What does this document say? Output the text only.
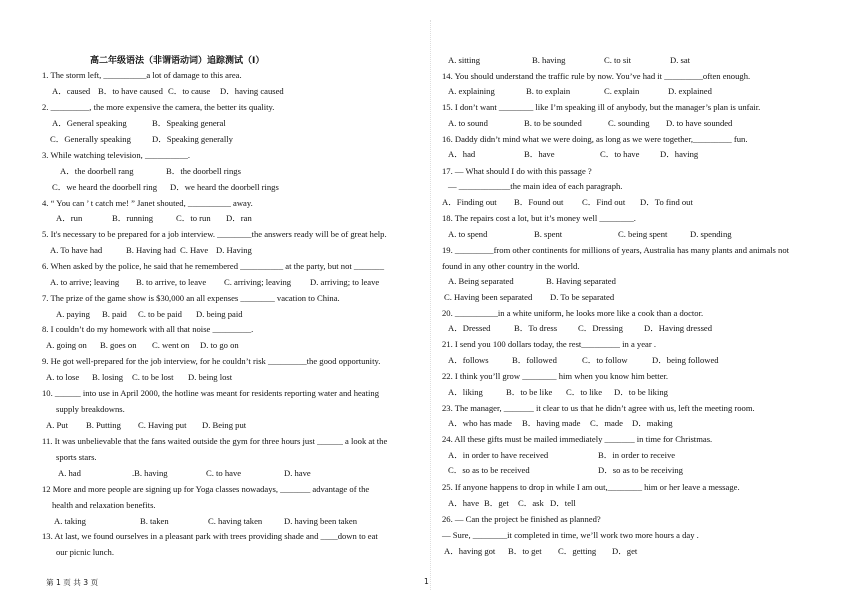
高二年级语法（非谓语动词）追踪测试（I）
1. The storm left, __________a lot of damage to this area.
A．caused B．to have caused C．to cause D．having caused
2. _________, the more expensive the camera, the better its quality.
A．General speaking	B．Speaking general
C．Generally speaking D．Speaking generally
3. While watching television, __________.
A．the doorbell rang	B．the doorbell rings
C．we heard the doorbell ring D．we heard the doorbell rings
4. “ You can ’ t catch me! ” Janet shouted, __________ away.
A．run	B．running	C．to run D．ran
5. It's necessary to be prepared for a job interview. ________the answers ready will be of great help.
A. To have had	B. Having had C. Have D. Having
6. When asked by the police, he said that he remembered __________ at the party, but not _______
A. to arrive; leaving B. to arrive, to leave C. arriving; leaving D. arriving; to leave
7. The prize of the game show is $30,000 an all expenses ________ vacation to China.
A. paying B. paid C. to be paid D. being paid
8. I couldn’t do my homework with all that noise _________.
A. going on B. goes on C. went on D. to go on
9. He got well-prepared for the job interview, for he couldn’t risk _________the good opportunity.
A. to lose B. losing C. to be lost D. being lost
10. ______ into use in April 2000, the hotline was meant for residents reporting water and heating
supply breakdowns.
A. Put B. Putting C. Having put D. Being put
11. It was unbelievable that the fans waited outside the gym for three hours just ______ a look at the
sports stars.
A. had	.B. having	C. to have	D. have
12 More and more people are signing up for Yoga classes nowadays, _______ advantage of the
health and relaxation benefits.
A. taking	B. taken	C. having taken	D. having been taken
13. At last, we found ourselves in a pleasant park with trees providing shade and ____down to eat
our picnic lunch.
第 1 页 共 3 页	1
A. sitting	B. having	C. to sit	D. sat
14. You should understand the traffic rule by now. You’ve had it _________often enough.
A. explaining	B. to explain	C. explain	D. explained
15. I don’t want ________ like I’m speaking ill of anybody, but the manager’s plan is unfair.
A. to sound	B. to be sounded	C. sounding D. to have sounded
16. Daddy didn’t mind what we were doing, as long as we were together,_________ fun.
A．had	B．have	C．to have D．having
17. — What should I do with this passage ?
— ____________the main idea of each paragraph.
A．Finding out B．Found out C．Find out D．To find out
18. The repairs cost a lot, but it’s money well ________.
A. to spend	B. spent	C. being spent	D. spending
19. _________from other continents for millions of years, Australia has many plants and animals not
found in any other country in the world.
A. Being separated	B. Having separated
C. Having been separated D. To be separated
20. __________in a white uniform, he looks more like a cook than a doctor.
A．Dressed	B．To dress C．Dressing D．Having dressed
21. I send you 100 dollars today, the rest_________ in a year .
A．follows	B．followed	C．to follow	D．being followed
22. I think you’ll grow ________ him when you know him better.
A．liking	B．to be like C．to like D．to be liking
23. The manager, _______ it clear to us that he didn’t agree with us, left the meeting room.
A．who has made B．having made C．made D．making
24. All these gifts must be mailed immediately _______ in time for Christmas.
A．in order to have received	B．in order to receive
C．so as to be received	D．so as to be receiving
25. If anyone happens to drop in while I am out,________ him or her leave a message.
A．have B．get C．ask D．tell
26. — Can the project be finished as planned?
— Sure, ________it completed in time, we’ll work two more hours a day .
A．having got B．to get C．getting D．get
